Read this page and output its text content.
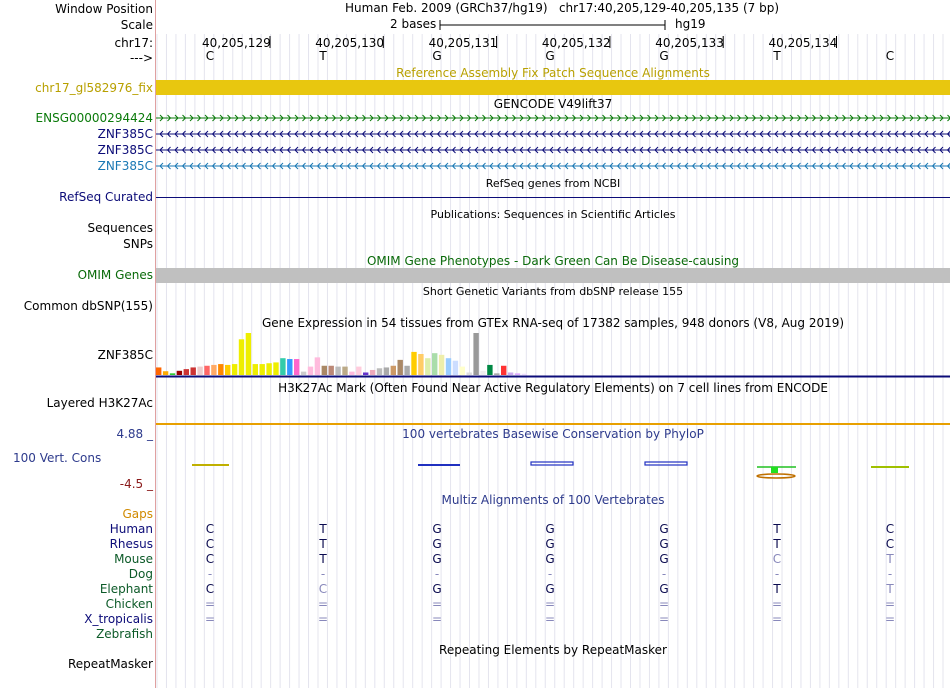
Window Position	Human Feb. 2009 (GRCh37/hg19)   chr17:40,205,129-40,205,135 (7 bp)
Scale	2 bases	hg19
chr17:
--->
40,205,129	40,205,130	40,205,131	40,205,132	40,205,133	40,205,134
C	T	G	G	G	T	C
Reference Assembly Fix Patch Sequence Alignments
chr17_gl582976_fix
GENCODE V49lift37
ENSG00000294424
ZNF385C
ZNF385C
ZNF385C
RefSeq genes from NCBI
RefSeq Curated
Publications: Sequences in Scientific Articles
Sequences
SNPs
OMIM Gene Phenotypes - Dark Green Can Be Disease-causing
OMIM Genes
Short Genetic Variants from dbSNP release 155
Common dbSNP(155)
Gene Expression in 54 tissues from GTEx RNA-seq of 17382 samples, 948 donors (V8, Aug 2019)
ZNF385C
H3K27Ac Mark (Often Found Near Active Regulatory Elements) on 7 cell lines from ENCODE
Layered H3K27Ac
100 vertebrates Basewise Conservation by PhyloP
4.88 _
100 Vert. Cons
-4.5 _
Multiz Alignments of 100 Vertebrates
Gaps
Human	C	T	G	G	G	T	C
Rhesus	C	T	G	G	G	T	C
Mouse	C	T	G	G	G	C	T
Dog	-	-	-	-	-	-	-
Elephant	C	C	G	G	G	T	T
Chicken	=	=	=	=	=	=	=
X_tropicalis	=	=	=	=	=	=	=
Zebrafish
Repeating Elements by RepeatMasker
RepeatMasker
